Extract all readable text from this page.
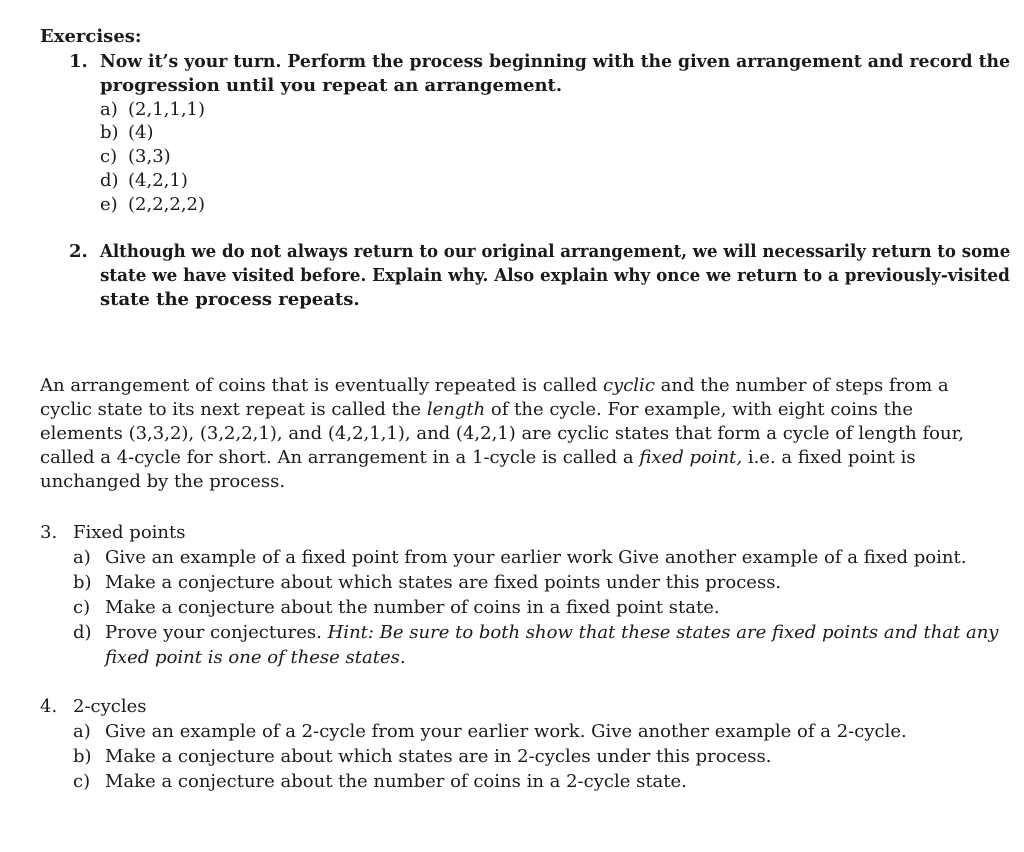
Exercises:
1. Now it’s your turn. Perform the process beginning with the given arrangement and record the
progression until you repeat an arrangement.
a) (2,1,1,1)
b) (4)
c) (3,3)
d) (4,2,1)
e) (2,2,2,2)
2. Although we do not always return to our original arrangement, we will necessarily return to some
state we have visited before. Explain why. Also explain why once we return to a previously-visited
state the process repeats.
An arrangement of coins that is eventually repeated is called cyclic and the number of steps from a
cyclic state to its next repeat is called the length of the cycle. For example, with eight coins the
elements (3,3,2), (3,2,2,1), and (4,2,1,1), and (4,2,1) are cyclic states that form a cycle of length four,
called a 4-cycle for short. An arrangement in a 1-cycle is called a fixed point, i.e. a fixed point is
unchanged by the process.
3. Fixed points
a) Give an example of a fixed point from your earlier work Give another example of a fixed point.
b) Make a conjecture about which states are fixed points under this process.
c) Make a conjecture about the number of coins in a fixed point state.
d) Prove your conjectures. Hint: Be sure to both show that these states are fixed points and that any
fixed point is one of these states.
4. 2-cycles
a) Give an example of a 2-cycle from your earlier work. Give another example of a 2-cycle.
b) Make a conjecture about which states are in 2-cycles under this process.
c) Make a conjecture about the number of coins in a 2-cycle state.
